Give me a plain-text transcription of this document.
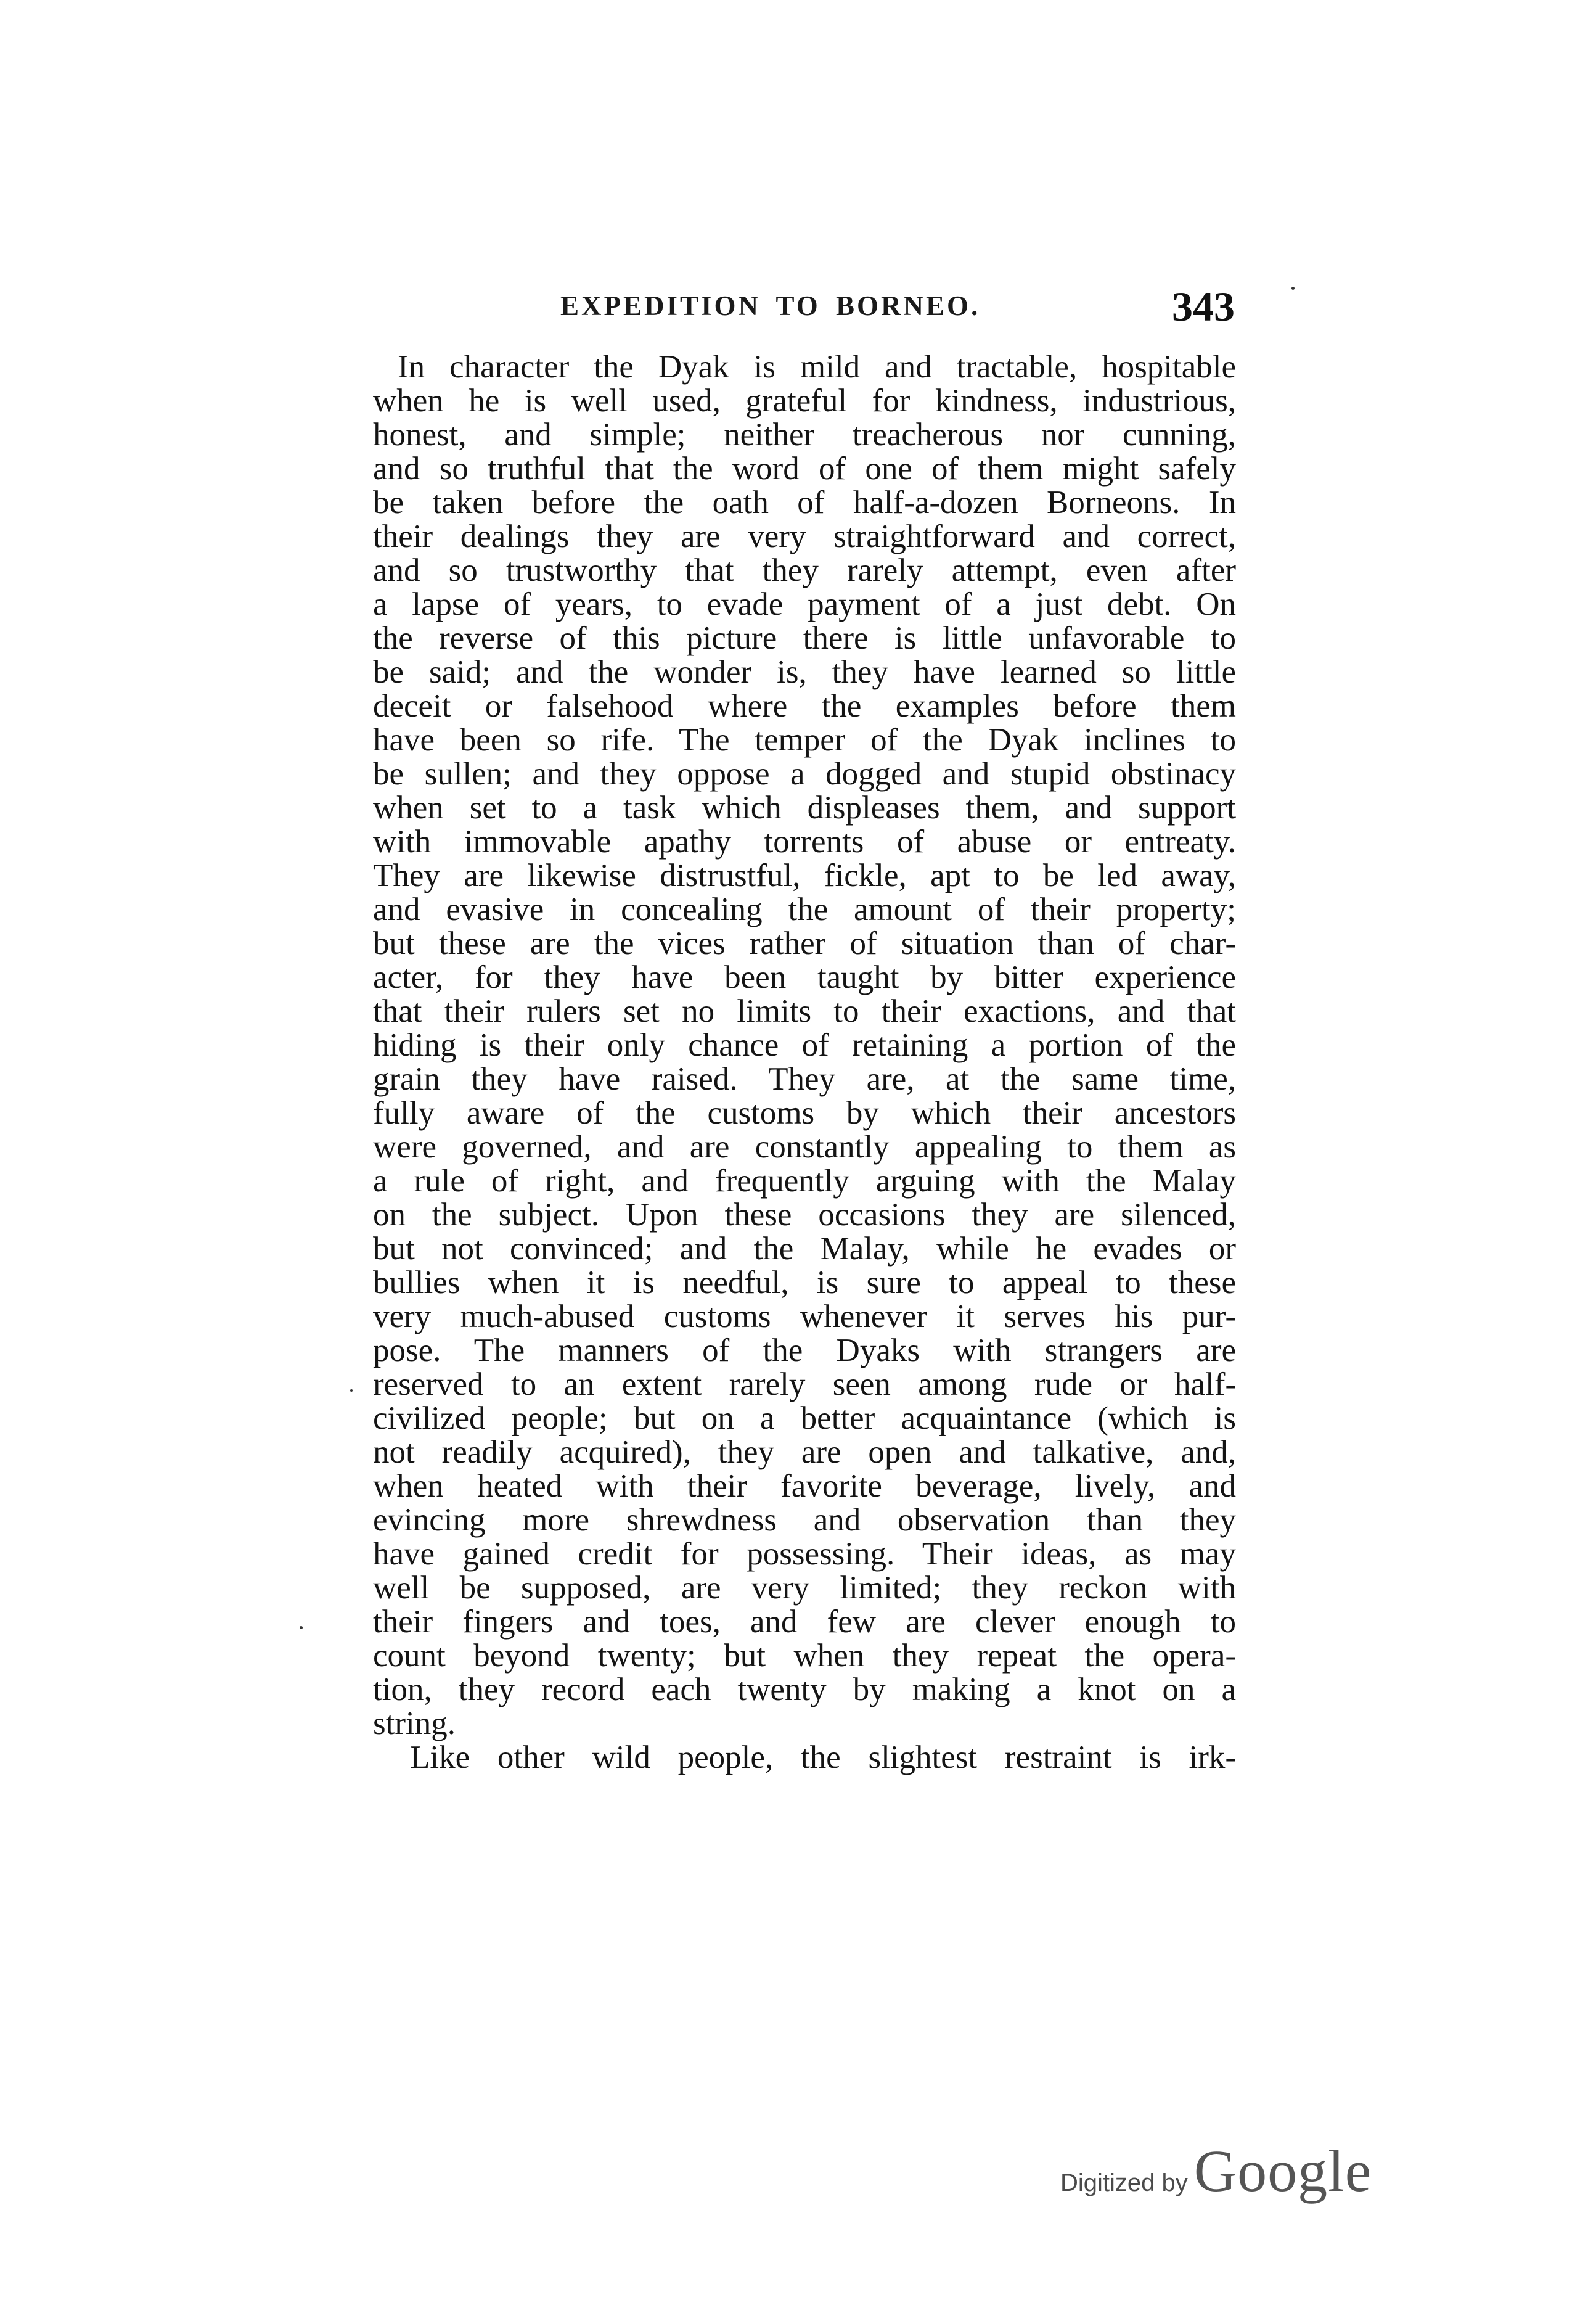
EXPEDITION TO BORNEO.	343
In character the Dyak is mild and tractable, hospitable
when he is well used, grateful for kindness, industrious,
honest, and simple; neither treacherous nor cunning,
and so truthful that the word of one of them might safely
be taken before the oath of half-a-dozen Borneons. In
their dealings they are very straightforward and correct,
and so trustworthy that they rarely attempt, even after
a lapse of years, to evade payment of a just debt. On
the reverse of this picture there is little unfavorable to
be said; and the wonder is, they have learned so little
deceit or falsehood where the examples before them
have been so rife. The temper of the Dyak inclines to
be sullen; and they oppose a dogged and stupid obstinacy
when set to a task which displeases them, and support
with immovable apathy torrents of abuse or entreaty.
They are likewise distrustful, fickle, apt to be led away,
and evasive in concealing the amount of their property;
but these are the vices rather of situation than of char-
acter, for they have been taught by bitter experience
that their rulers set no limits to their exactions, and that
hiding is their only chance of retaining a portion of the
grain they have raised. They are, at the same time,
fully aware of the customs by which their ancestors
were governed, and are constantly appealing to them as
a rule of right, and frequently arguing with the Malay
on the subject. Upon these occasions they are silenced,
but not convinced; and the Malay, while he evades or
bullies when it is needful, is sure to appeal to these
very much-abused customs whenever it serves his pur-
pose. The manners of the Dyaks with strangers are
reserved to an extent rarely seen among rude or half-
civilized people; but on a better acquaintance (which is
not readily acquired), they are open and talkative, and,
when heated with their favorite beverage, lively, and
evincing more shrewdness and observation than they
have gained credit for possessing. Their ideas, as may
well be supposed, are very limited; they reckon with
their fingers and toes, and few are clever enough to
count beyond twenty; but when they repeat the opera-
tion, they record each twenty by making a knot on a
string.
Like other wild people, the slightest restraint is irk-
Digitized by Google
